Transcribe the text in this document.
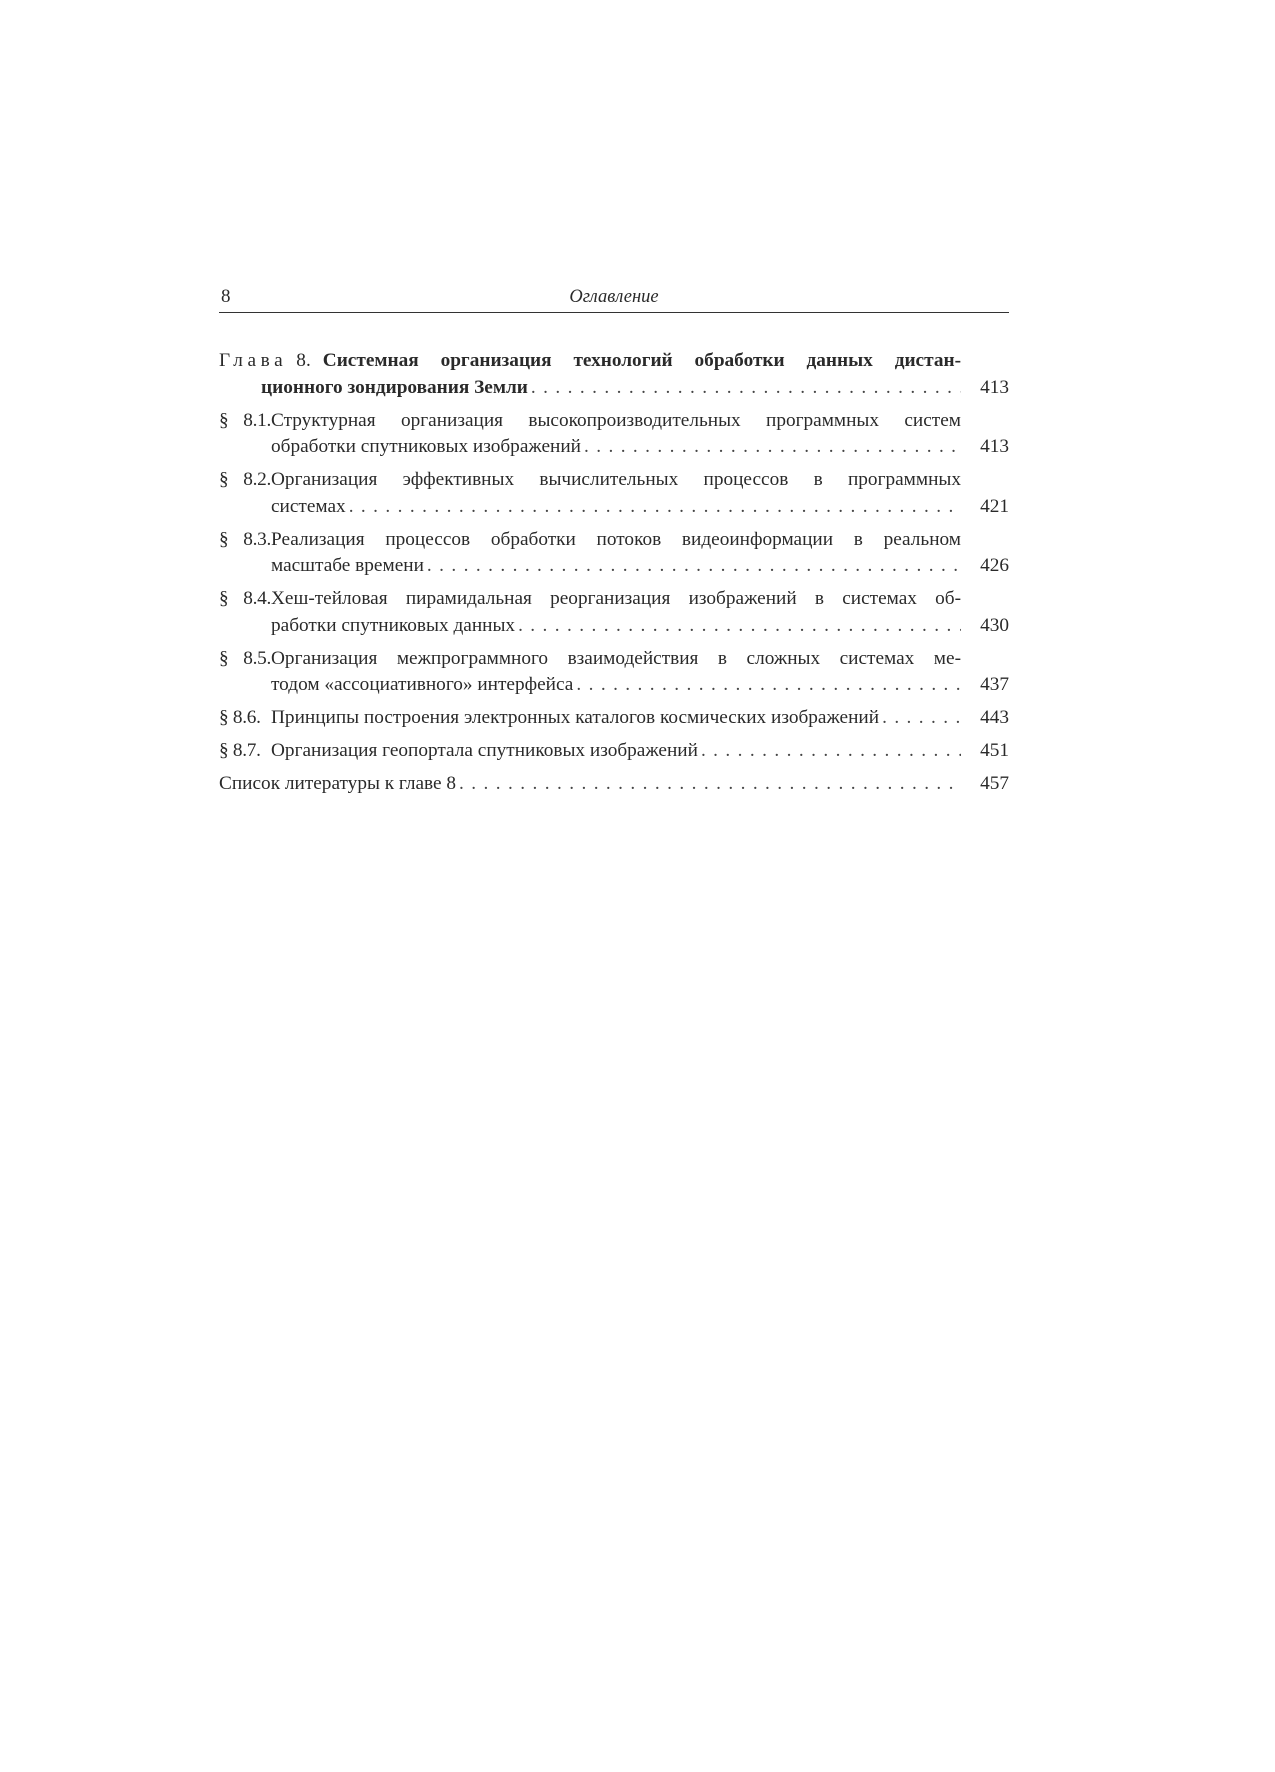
8	Оглавление
Глава 8. Системная организация технологий обработки данных дистан-
ционного зондирования Земли . . .	413
§ 8.1. Структурная организация высокопроизводительных программных систем
обработки спутниковых изображений . . .	413
§ 8.2. Организация эффективных вычислительных процессов в программных
системах . . .	421
§ 8.3. Реализация процессов обработки потоков видеоинформации в реальном
масштабе времени . . .	426
§ 8.4. Хеш-тейловая пирамидальная реорганизация изображений в системах об-
работки спутниковых данных . . .	430
§ 8.5. Организация межпрограммного взаимодействия в сложных системах ме-
тодом «ассоциативного» интерфейса . . .	437
§ 8.6. Принципы построения электронных каталогов космических изображений . . .	443
§ 8.7. Организация геопортала спутниковых изображений . . .	451
Список литературы к главе 8 . . .	457
